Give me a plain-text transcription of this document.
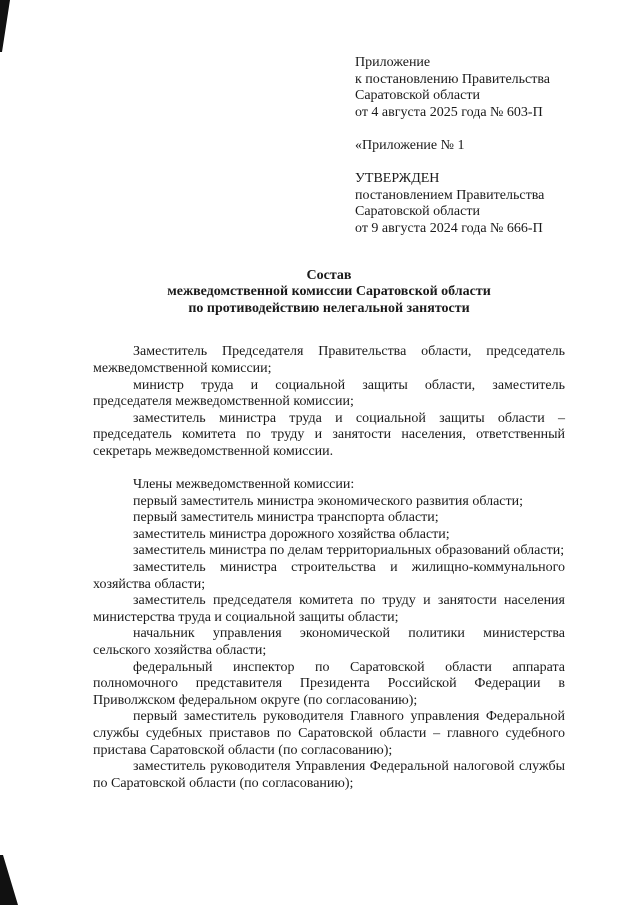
Приложение
к постановлению Правительства
Саратовской области
от 4 августа 2025 года № 603-П
«Приложение № 1
УТВЕРЖДЕН
постановлением Правительства
Саратовской области
от 9 августа 2024 года № 666-П
Состав
межведомственной комиссии Саратовской области
по противодействию нелегальной занятости

Заместитель Председателя Правительства области, председатель межведомственной комиссии;

министр труда и социальной защиты области, заместитель председателя межведомственной комиссии;

заместитель министра труда и социальной защиты области – председатель комитета по труду и занятости населения, ответственный секретарь межведомственной комиссии.

Члены межведомственной комиссии:

первый заместитель министра экономического развития области;

первый заместитель министра транспорта области;

заместитель министра дорожного хозяйства области;

заместитель министра по делам территориальных образований области;

заместитель министра строительства и жилищно-коммунального хозяйства области;

заместитель председателя комитета по труду и занятости населения министерства труда и социальной защиты области;

начальник управления экономической политики министерства сельского хозяйства области;

федеральный инспектор по Саратовской области аппарата полномочного представителя Президента Российской Федерации в Приволжском федеральном округе (по согласованию);

первый заместитель руководителя Главного управления Федеральной службы судебных приставов по Саратовской области – главного судебного пристава Саратовской области (по согласованию);

заместитель руководителя Управления Федеральной налоговой службы по Саратовской области (по согласованию);
